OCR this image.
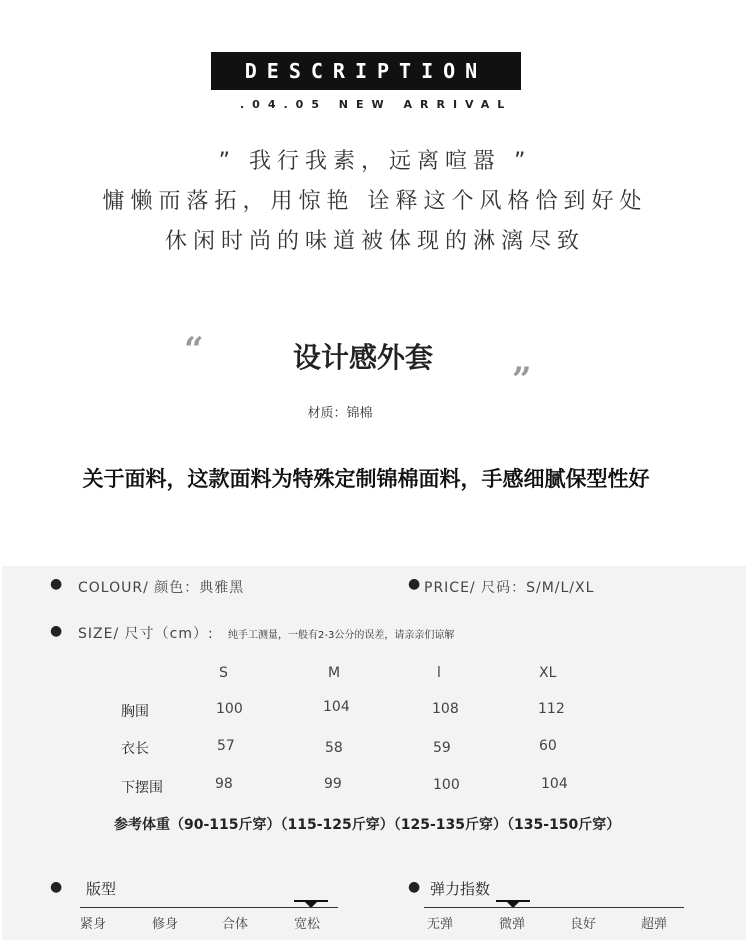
DESCRIPTION
.04.05 NEW ARRIVAL
” 我行我素，远离喧嚣 ”
慵懒而落拓，用惊艳 诠释这个风格恰到好处
休闲时尚的味道被体现的淋漓尽致
“	设计感外套
”
材质：锦棉
关于面料，这款面料为特殊定制锦棉面料，手感细腻保型性好
● COLOUR/ 颜色：典雅黑	● PRICE/ 尺码：S/M/L/XL
● SIZE/ 尺寸（cm）: 纯手工测量，一般有2-3公分的误差，请亲亲们谅解
S	M	l	XL
胸围	100	104	108	112
衣长	57	58	59	60
下摆围	98	99	100	104
参考体重（90-115斤穿）（115-125斤穿）（125-135斤穿）（135-150斤穿）
● 版型
紧身	修身	合体	宽松
● 弹力指数
无弹	微弹	良好	超弹
